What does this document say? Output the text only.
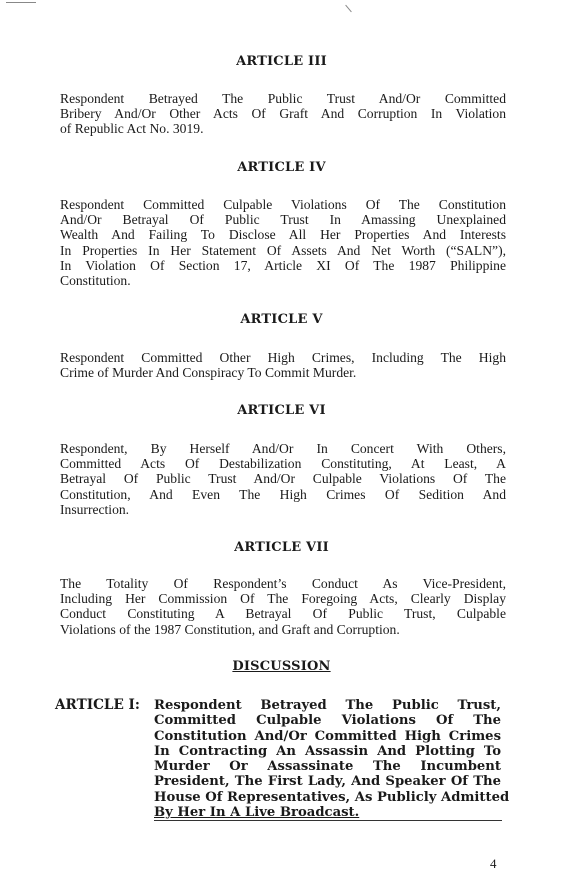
ARTICLE III
Respondent Betrayed The Public Trust And/Or Committed
Bribery And/Or Other Acts Of Graft And Corruption In Violation
of Republic Act No. 3019.
ARTICLE IV
Respondent Committed Culpable Violations Of The Constitution
And/Or Betrayal Of Public Trust In Amassing Unexplained
Wealth And Failing To Disclose All Her Properties And Interests
In Properties In Her Statement Of Assets And Net Worth (“SALN”),
In Violation Of Section 17, Article XI Of The 1987 Philippine
Constitution.
ARTICLE V
Respondent Committed Other High Crimes, Including The High
Crime of Murder And Conspiracy To Commit Murder.
ARTICLE VI
Respondent, By Herself And/Or In Concert With Others,
Committed Acts Of Destabilization Constituting, At Least, A
Betrayal Of Public Trust And/Or Culpable Violations Of The
Constitution, And Even The High Crimes Of Sedition And
Insurrection.
ARTICLE VII
The Totality Of Respondent’s Conduct As Vice-President,
Including Her Commission Of The Foregoing Acts, Clearly Display
Conduct Constituting A Betrayal Of Public Trust, Culpable
Violations of the 1987 Constitution, and Graft and Corruption.
DISCUSSION
ARTICLE I: Respondent Betrayed The Public Trust,
Committed Culpable Violations Of The
Constitution And/Or Committed High Crimes
In Contracting An Assassin And Plotting To
Murder Or Assassinate The Incumbent
President, The First Lady, And Speaker Of The
House Of Representatives, As Publicly Admitted
By Her In A Live Broadcast.
4
